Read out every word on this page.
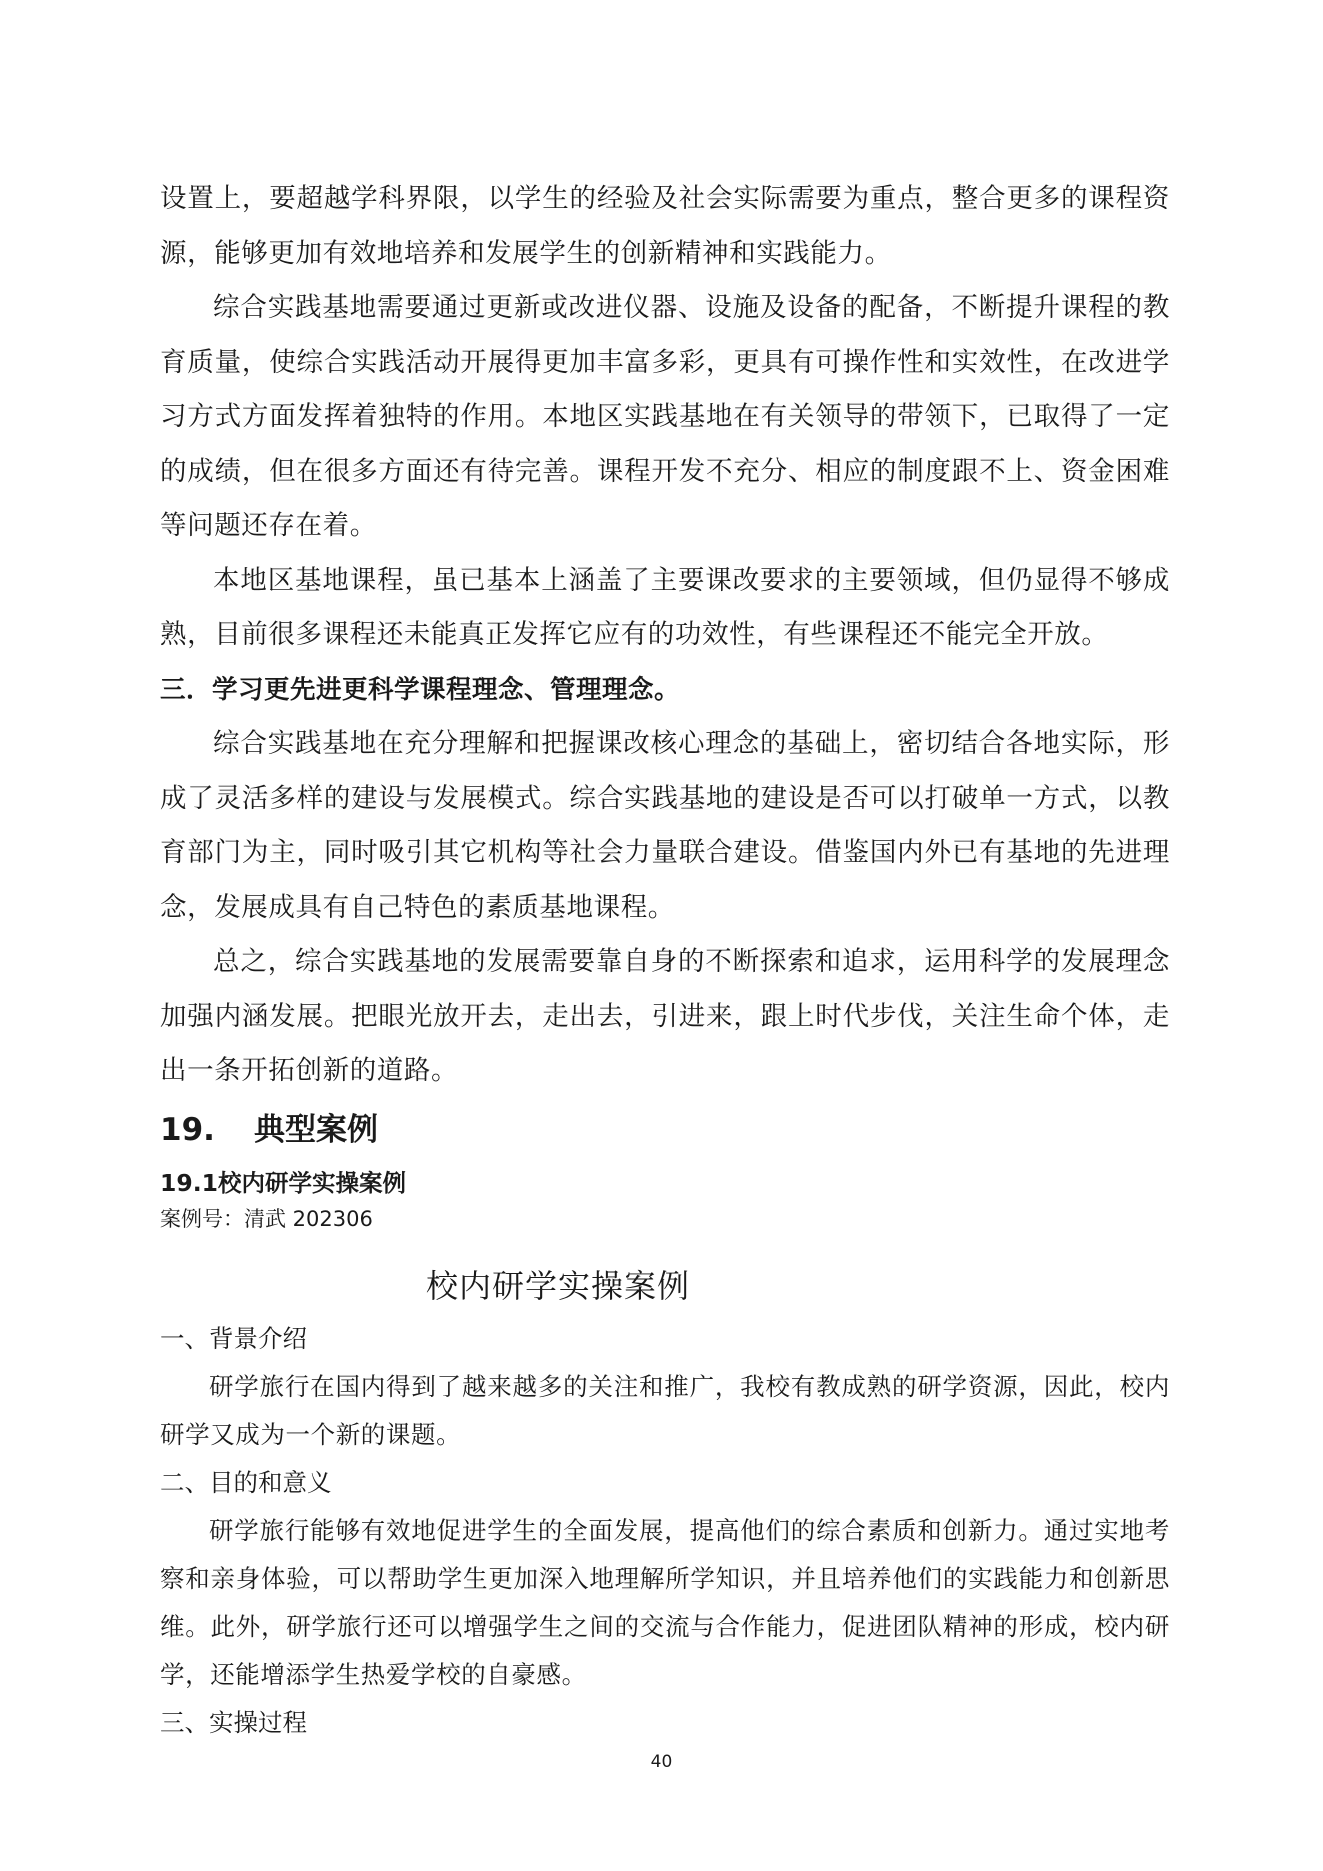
设置上，要超越学科界限，以学生的经验及社会实际需要为重点，整合更多的课程资源，能够更加有效地培养和发展学生的创新精神和实践能力。

综合实践基地需要通过更新或改进仪器、设施及设备的配备，不断提升课程的教育质量，使综合实践活动开展得更加丰富多彩，更具有可操作性和实效性，在改进学习方式方面发挥着独特的作用。本地区实践基地在有关领导的带领下，已取得了一定的成绩，但在很多方面还有待完善。课程开发不充分、相应的制度跟不上、资金困难等问题还存在着。

本地区基地课程，虽已基本上涵盖了主要课改要求的主要领域，但仍显得不够成熟，目前很多课程还未能真正发挥它应有的功效性，有些课程还不能完全开放。

三．学习更先进更科学课程理念、管理理念。

综合实践基地在充分理解和把握课改核心理念的基础上，密切结合各地实际，形成了灵活多样的建设与发展模式。综合实践基地的建设是否可以打破单一方式，以教育部门为主，同时吸引其它机构等社会力量联合建设。借鉴国内外已有基地的先进理念，发展成具有自己特色的素质基地课程。

总之，综合实践基地的发展需要靠自身的不断探索和追求，运用科学的发展理念加强内涵发展。把眼光放开去，走出去，引进来，跟上时代步伐，关注生命个体，走出一条开拓创新的道路。

19.	典型案例
19.1校内研学实操案例

案例号：清武 202306

校内研学实操案例

一、背景介绍

研学旅行在国内得到了越来越多的关注和推广，我校有教成熟的研学资源，因此，校内研学又成为一个新的课题。

二、目的和意义

研学旅行能够有效地促进学生的全面发展，提高他们的综合素质和创新力。通过实地考察和亲身体验，可以帮助学生更加深入地理解所学知识，并且培养他们的实践能力和创新思维。此外，研学旅行还可以增强学生之间的交流与合作能力，促进团队精神的形成，校内研学，还能增添学生热爱学校的自豪感。

三、实操过程

40
